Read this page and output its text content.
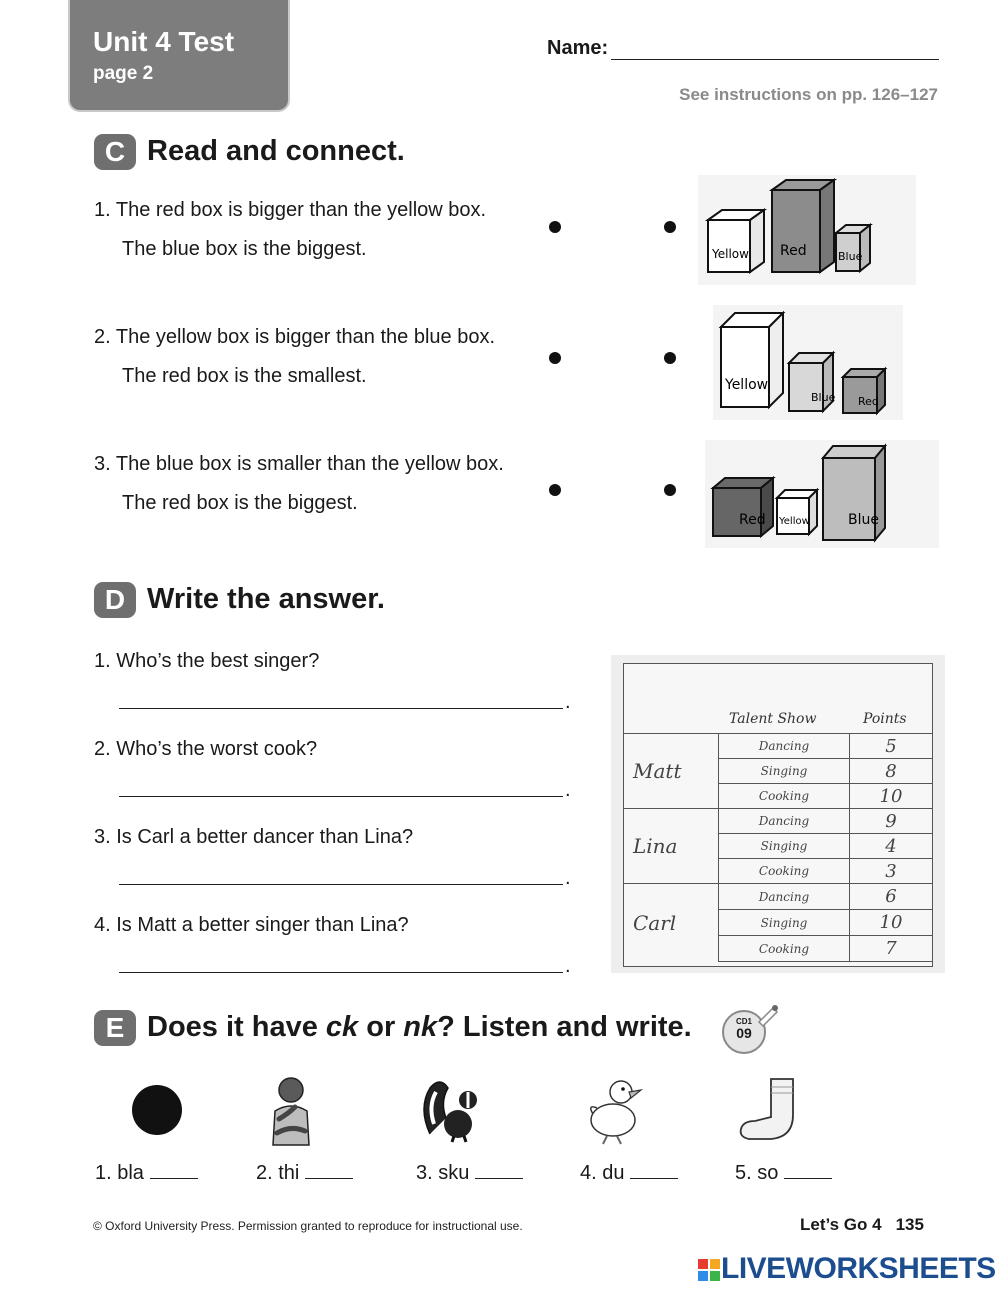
Unit 4 Test
page 2
Name:
See instructions on pp. 126–127
C Read and connect.
1. The red box is bigger than the yellow box.
The blue box is the biggest.
2. The yellow box is bigger than the blue box.
The red box is the smallest.
3. The blue box is smaller than the yellow box.
The red box is the biggest.
Yellow Red	Blue
Yellow
Blue Red
Red Yellow	Blue
D Write the answer.
1. Who’s the best singer?
.
2. Who’s the worst cook?
.
3. Is Carl a better dancer than Lina?
.
4. Is Matt a better singer than Lina?
.
Talent Show	Points
Matt	Dancing	5
	Singing	8
	Cooking	10
Lina	Dancing	9
	Singing	4
	Cooking	3
Carl	Dancing	6
	Singing	10
	Cooking	7
E Does it have ck or nk? Listen and write.	CD1
09
1. bla	2. thi	3. sku	4. du	5. so
© Oxford University Press. Permission granted to reproduce for instructional use.	Let’s Go 4 135

LIVEWORKSHEETS
